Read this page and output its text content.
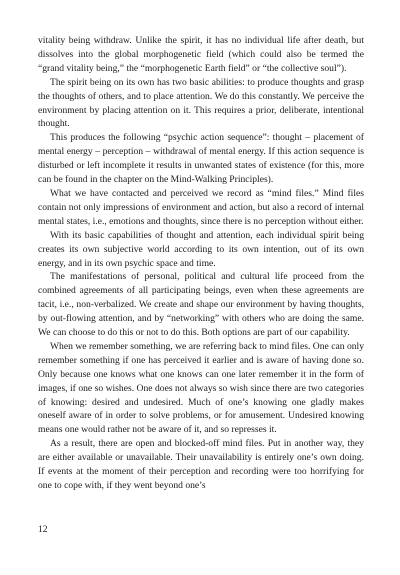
vitality being withdraw. Unlike the spirit, it has no individual life after death, but dissolves into the global morphogenetic field (which could also be termed the “grand vitality being,” the “morphogenetic Earth field” or “the collective soul”).

The spirit being on its own has two basic abilities: to produce thoughts and grasp the thoughts of others, and to place attention. We do this constantly. We perceive the environment by placing attention on it. This requires a prior, deliberate, intentional thought.

This produces the following “psychic action sequence”: thought – placement of mental energy – perception – withdrawal of mental energy. If this action sequence is disturbed or left incomplete it results in unwanted states of existence (for this, more can be found in the chapter on the Mind-Walking Principles).

What we have contacted and perceived we record as “mind files.” Mind files contain not only impressions of environment and action, but also a record of internal mental states, i.e., emotions and thoughts, since there is no perception without either.

With its basic capabilities of thought and attention, each individual spirit being creates its own subjective world according to its own intention, out of its own energy, and in its own psychic space and time.

The manifestations of personal, political and cultural life proceed from the combined agreements of all participating beings, even when these agreements are tacit, i.e., non-verbalized. We create and shape our environment by having thoughts, by out-flowing attention, and by “networking” with others who are doing the same. We can choose to do this or not to do this. Both options are part of our capability.

When we remember something, we are referring back to mind files. One can only remember something if one has perceived it earlier and is aware of having done so. Only because one knows what one knows can one later remember it in the form of images, if one so wishes. One does not always so wish since there are two categories of knowing: desired and undesired. Much of one’s knowing one gladly makes oneself aware of in order to solve problems, or for amusement. Undesired knowing means one would rather not be aware of it, and so represses it.

As a result, there are open and blocked-off mind files. Put in another way, they are either available or unavailable. Their unavailability is entirely one’s own doing. If events at the moment of their perception and recording were too horrifying for one to cope with, if they went beyond one’s

12
